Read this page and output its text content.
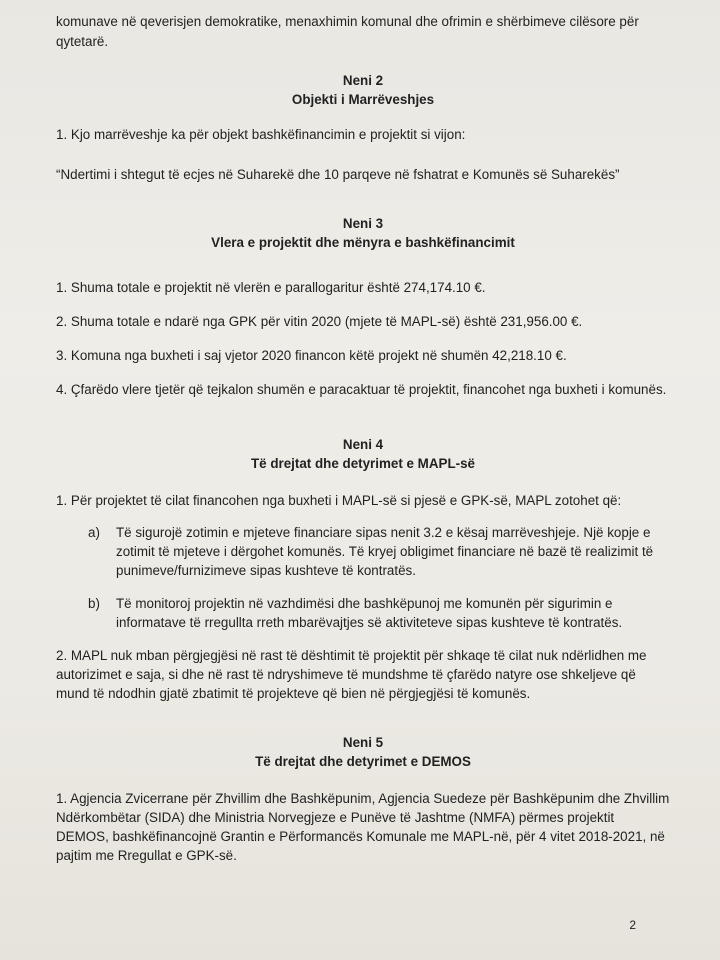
komunave në qeverisjen demokratike, menaxhimin komunal dhe ofrimin e shërbimeve cilësore për

qytetarë.

Neni 2
Objekti i Marrëveshjes

1. Kjo marrëveshje ka për objekt bashkëfinancimin e projektit si vijon:

“Ndertimi i shtegut të ecjes në Suharekë dhe 10 parqeve në fshatrat e Komunës së Suharekës”

Neni 3
Vlera e projektit dhe mënyra e bashkëfinancimit

1. Shuma totale e projektit në vlerën e parallogaritur është 274,174.10 €.

2. Shuma totale e ndarë nga GPK për vitin 2020 (mjete të MAPL-së) është 231,956.00 €.

3. Komuna nga buxheti i saj vjetor 2020 financon këtë projekt në shumën 42,218.10 €.

4. Çfarëdo vlere tjetër që tejkalon shumën e paracaktuar të projektit, financohet nga buxheti i komunës.

Neni 4
Të drejtat dhe detyrimet e MAPL-së

1. Për projektet të cilat financohen nga buxheti i MAPL-së si pjesë e GPK-së, MAPL zotohet që:

a)	Të sigurojë zotimin e mjeteve financiare sipas nenit 3.2 e kësaj marrëveshjeje. Një kopje e zotimit të mjeteve i dërgohet komunës. Të kryej obligimet financiare në bazë të realizimit të punimeve/furnizimeve sipas kushteve të kontratës.
b)	Të monitoroj projektin në vazhdimësi dhe bashkëpunoj me komunën për sigurimin e informatave të rregullta rreth mbarëvajtjes së aktiviteteve sipas kushteve të kontratës.

2. MAPL nuk mban përgjegjësi në rast të dështimit të projektit për shkaqe të cilat nuk ndërlidhen me autorizimet e saja, si dhe në rast të ndryshimeve të mundshme të çfarëdo natyre ose shkeljeve që mund të ndodhin gjatë zbatimit të projekteve që bien në përgjegjësi të komunës.

Neni 5
Të drejtat dhe detyrimet e DEMOS

1. Agjencia Zvicerrane për Zhvillim dhe Bashkëpunim, Agjencia Suedeze për Bashkëpunim dhe Zhvillim Ndërkombëtar (SIDA) dhe Ministria Norvegjeze e Punëve të Jashtme (NMFA) përmes projektit DEMOS, bashkëfinancojnë Grantin e Përformancës Komunale me MAPL-në, për 4 vitet 2018-2021, në pajtim me Rregullat e GPK-së.

2
